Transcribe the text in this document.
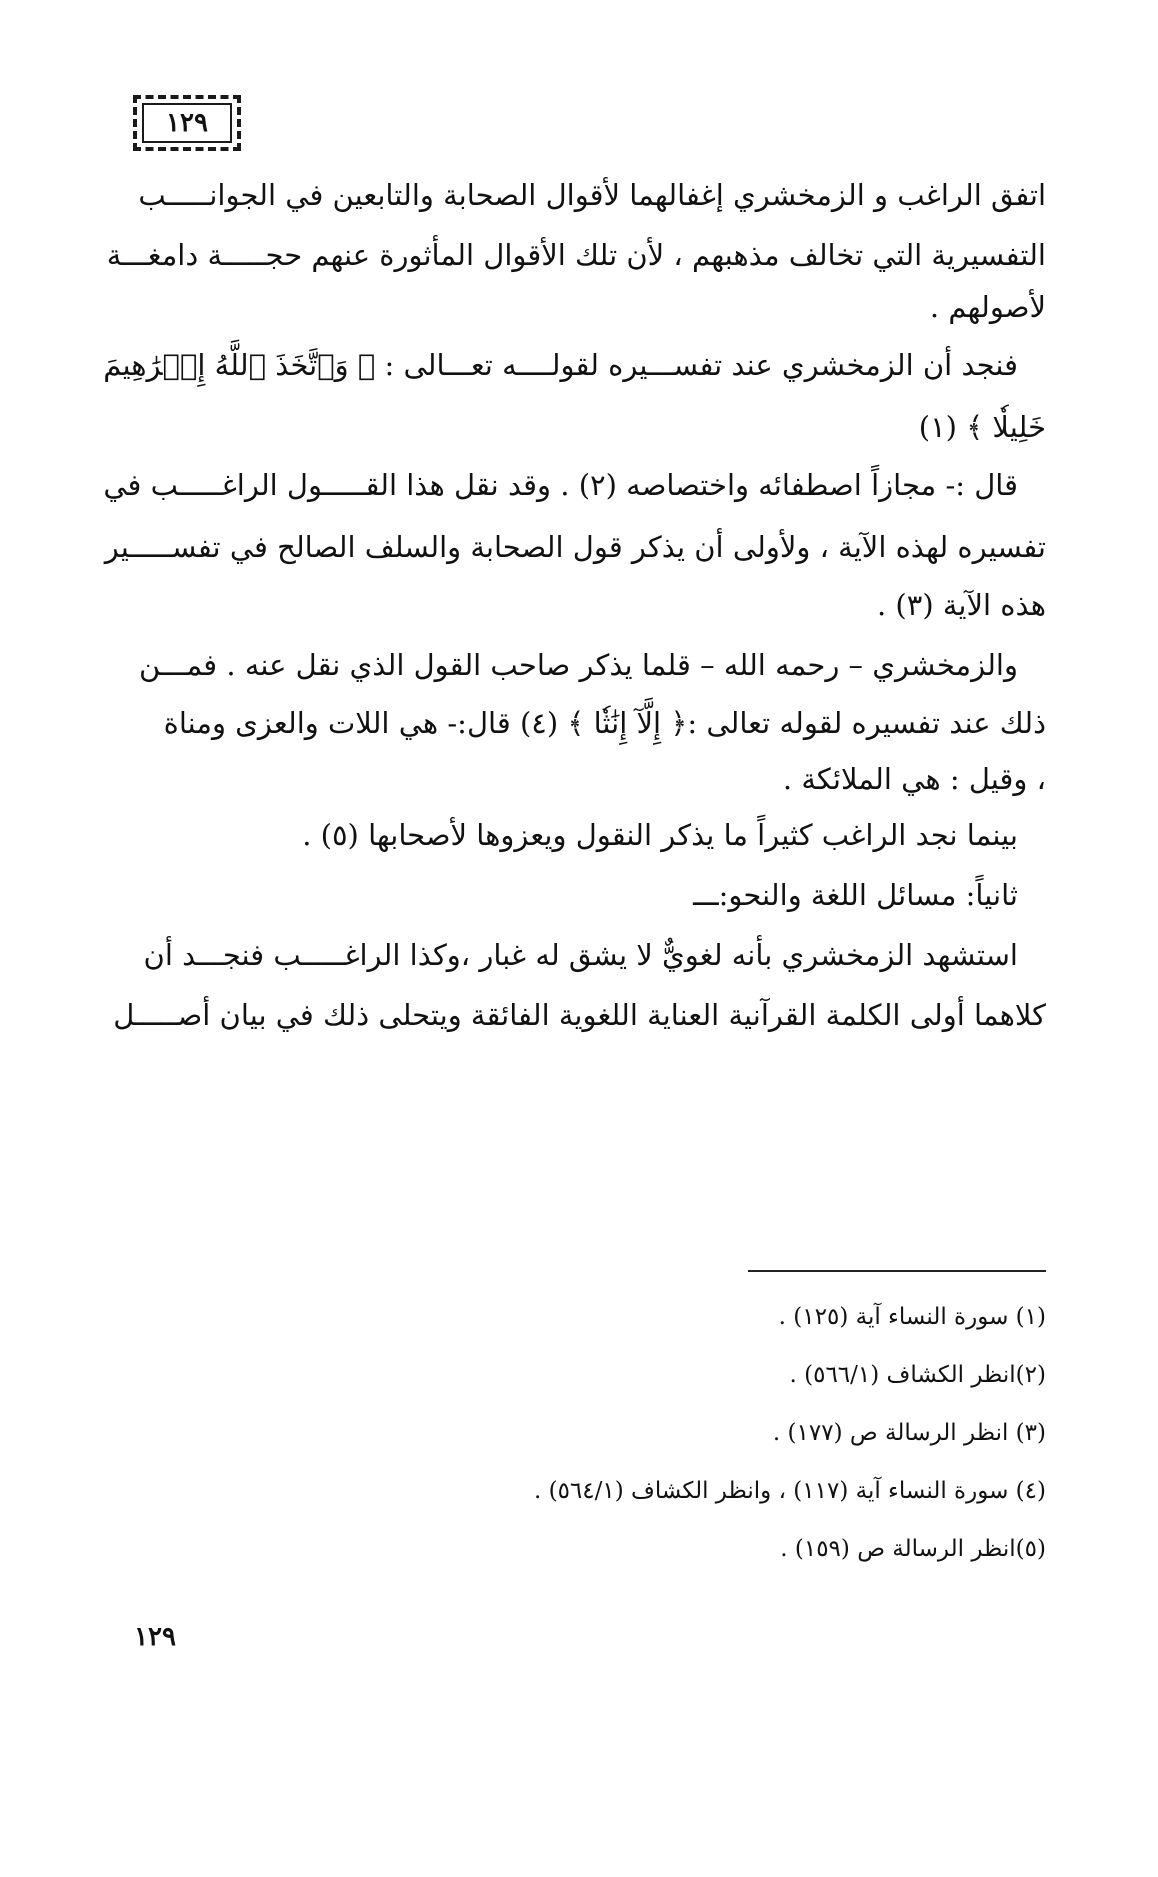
١٢٩
اتفق الراغب و الزمخشري إغفالهما لأقوال الصحابة والتابعين في الجوانـــــب
التفسيرية التي تخالف مذهبهم ، لأن تلك الأقوال المأثورة عنهم حجـــــة دامغـــة
لأصولهم .
فنجد أن الزمخشري عند تفســـيره لقولــــه تعـــالى : ﴿ وَٱتَّخَذَ ٱللَّهُ إِبۡرَٰهِيمَ
خَلِيلٗا ﴾ (١)
قال :- مجازاً اصطفائه واختصاصه (٢) . وقد نقل هذا القـــــول الراغـــــب في
تفسيره لهذه الآية ، ولأولى أن يذكر قول الصحابة والسلف الصالح في تفســـــير
هذه الآية (٣) .
والزمخشري – رحمه الله – قلما يذكر صاحب القول الذي نقل عنه . فمـــن
ذلك عند تفسيره لقوله تعالى :﴿ إِلَّآ إِنَٰثٗا ﴾ (٤) قال:- هي اللات والعزى ومناة
، وقيل : هي الملائكة .
بينما نجد الراغب كثيراً ما يذكر النقول ويعزوها لأصحابها (٥) .
ثانياً: مسائل اللغة والنحو:ـــ
استشهد الزمخشري بأنه لغويٌّ لا يشق له غبار ،وكذا الراغـــــب فنجـــد أن
كلاهما أولى الكلمة القرآنية العناية اللغوية الفائقة ويتحلى ذلك في بيان أصـــــل
(١) سورة النساء آية (١٢٥) .
(٢)انظر الكشاف (٥٦٦/١) .
(٣) انظر الرسالة ص (١٧٧) .
(٤) سورة النساء آية (١١٧) ، وانظر الكشاف (٥٦٤/١) .
(٥)انظر الرسالة ص (١٥٩) .
١٢٩
